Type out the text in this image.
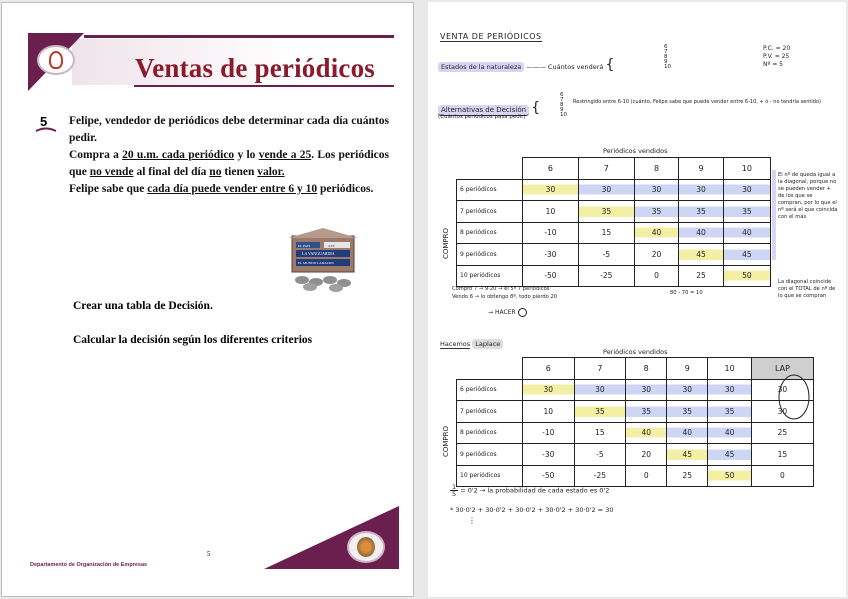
Ventas de periódicos
5 Felipe, vendedor de periódicos debe determinar cada día cuántos pedir.

Compra a 20 u.m. cada periódico y lo vende a 25. Los periódicos que no vende al final del día no tienen valor.

Felipe sabe que cada día puede vender entre 6 y 10 periódicos.

EL PAIS	ABC
LA VANGUARDIA
EL MUNDO LARAZON
Crear una tabla de Decisión.
Calcular la decisión según los diferentes criterios
Departamento de Organización de Empresas
5
VENTA DE PERIÓDICOS
Estados de la naturaleza ——— Cuántos venderá {
6
7
8
9
10
P.C. = 20
P.V. = 25
Nº = 5
Alternativas de Decisión {
6
7
8
9
10
(Cuántos periódicos pasa pedir)
Restringido entre 6-10 (cuánto, Felipe sabe que puede vender entre 6-10, + ó - no tendría sentido)
Periódicos vendidos
COMPRO
	6	7	8	9	10
6 periódicos	30	30	30	30	30
7 periódicos	10	35	35	35	35
8 periódicos	-10	15	40	40	40
9 periódicos	-30	-5	20	45	45
10 periódicos	-50	-25	0	25	50
El nº de queda igual a la diagonal, porque no se pueden vender + de los que se compran, por lo que el nº será el que coincida con el más
La diagonal coincide con el TOTAL de nº de lo que se compran
Compro 7 → 9·20 → él 5º 7 periódicos
Vendo 6 → lo obtengo 8º, todo pierdo 20
80 - 70 = 10
→ HACER
Hacemos Laplace
Periódicos vendidos
COMPRO
	6	7	8	9	10	LAP
6 periódicos	30	30	30	30	30	30
7 periódicos	10	35	35	35	35	30
8 periódicos	-10	15	40	40	40	25
9 periódicos	-30	-5	20	45	45	15
10 periódicos	-50	-25	0	25	50	0
$\frac{1}{5} = 0'2$ → la probabilidad de cada estado es 0'2
* 30·0'2 + 30·0'2 + 30·0'2 + 30·0'2 + 30·0'2 = 30
⋮
